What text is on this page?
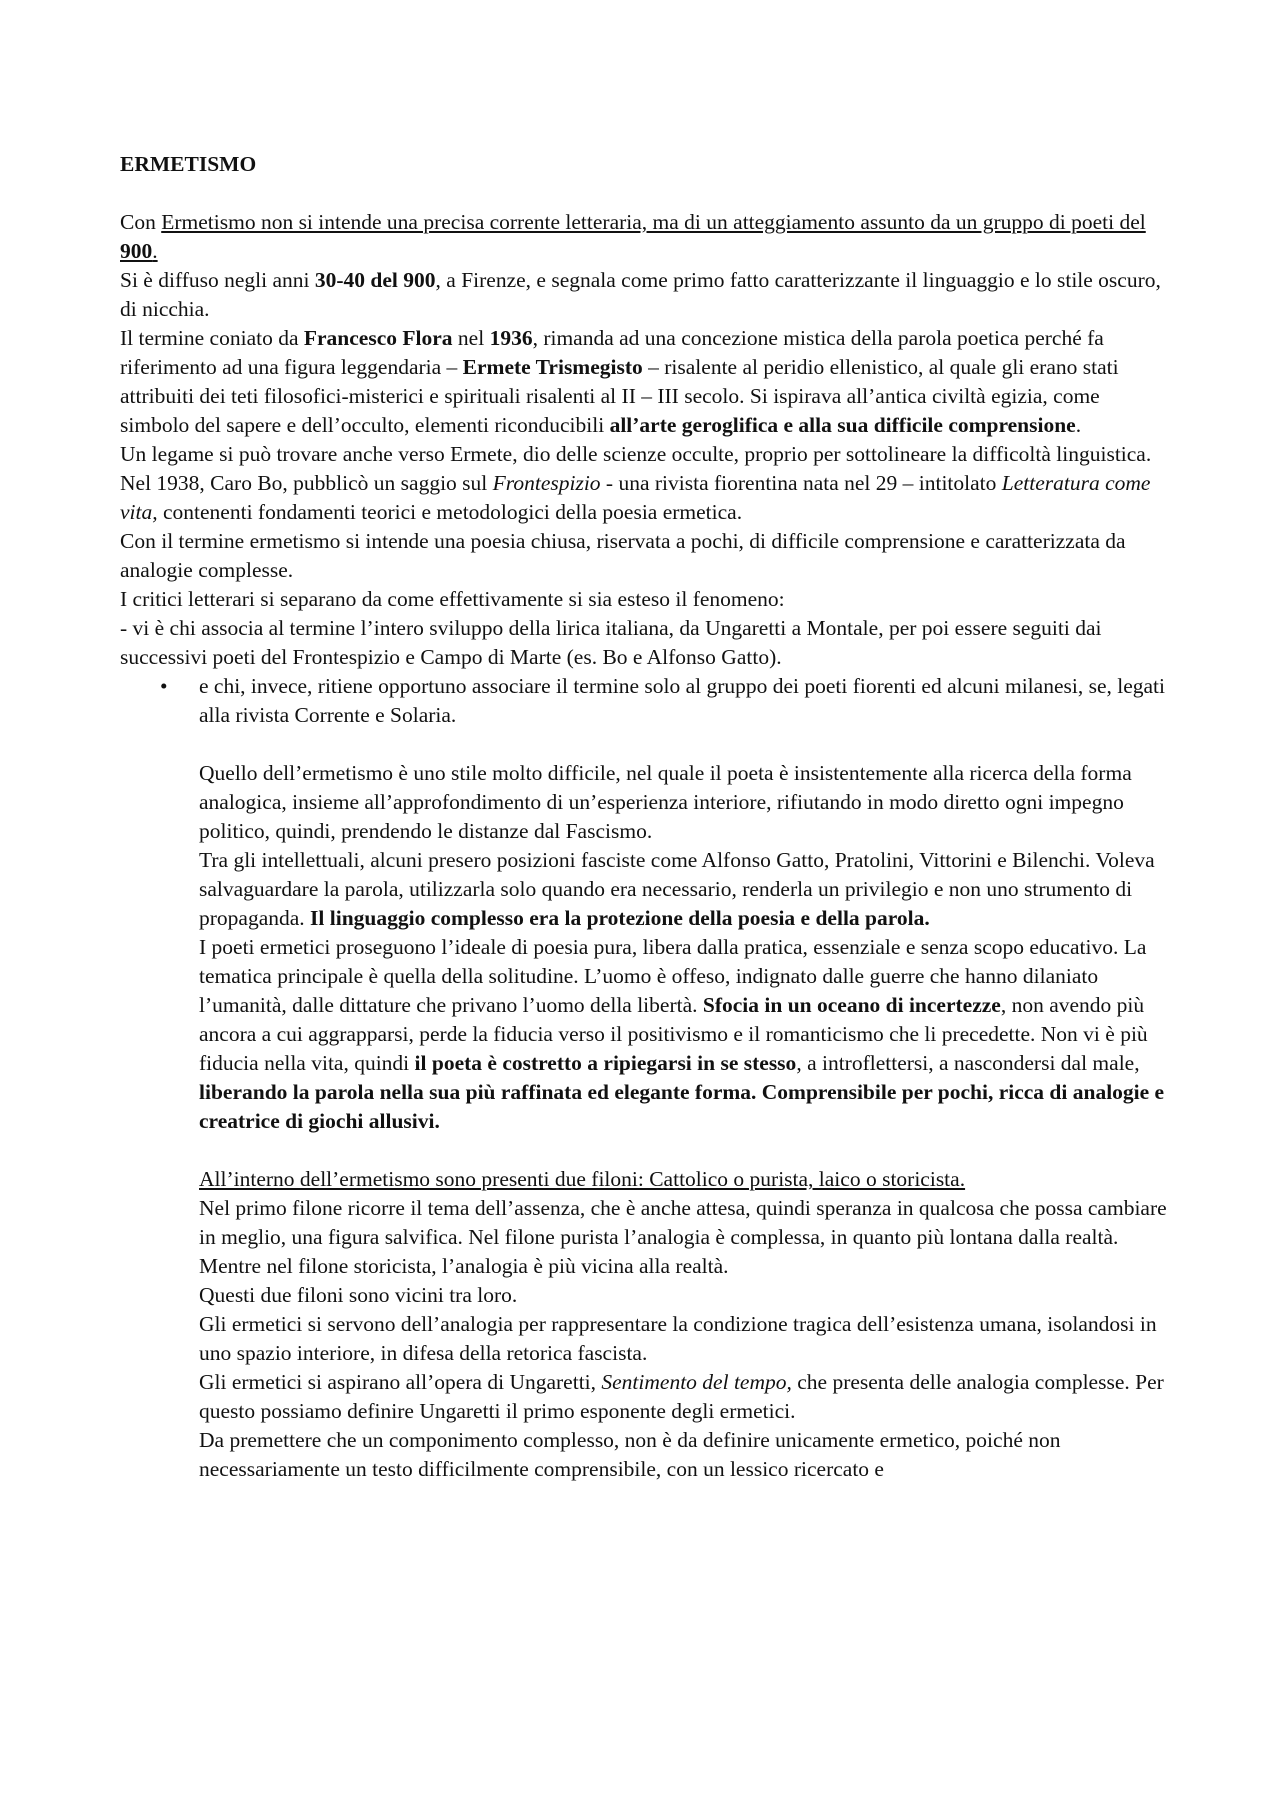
ERMETISMO

Con Ermetismo non si intende una precisa corrente letteraria, ma di un atteggiamento assunto da un gruppo di poeti del 900.

Si è diffuso negli anni 30-40 del 900, a Firenze, e segnala come primo fatto caratterizzante il linguaggio e lo stile oscuro, di nicchia.

Il termine coniato da Francesco Flora nel 1936, rimanda ad una concezione mistica della parola poetica perché fa riferimento ad una figura leggendaria – Ermete Trismegisto – risalente al peridio ellenistico, al quale gli erano stati attribuiti dei teti filosofici-misterici e spirituali risalenti al II – III secolo. Si ispirava all’antica civiltà egizia, come simbolo del sapere e dell’occulto, elementi riconducibili all’arte geroglifica e alla sua difficile comprensione.

Un legame si può trovare anche verso Ermete, dio delle scienze occulte, proprio per sottolineare la difficoltà linguistica.

Nel 1938, Caro Bo, pubblicò un saggio sul Frontespizio - una rivista fiorentina nata nel 29 – intitolato Letteratura come vita, contenenti fondamenti teorici e metodologici della poesia ermetica.

Con il termine ermetismo si intende una poesia chiusa, riservata a pochi, di difficile comprensione e caratterizzata da analogie complesse.

I critici letterari si separano da come effettivamente si sia esteso il fenomeno:

- vi è chi associa al termine l’intero sviluppo della lirica italiana, da Ungaretti a Montale, per poi essere seguiti dai successivi poeti del Frontespizio e Campo di Marte (es. Bo e Alfonso Gatto).

• e chi, invece, ritiene opportuno associare il termine solo al gruppo dei poeti fiorenti ed alcuni milanesi, se, legati alla rivista Corrente e Solaria.

Quello dell’ermetismo è uno stile molto difficile, nel quale il poeta è insistentemente alla ricerca della forma analogica, insieme all’approfondimento di un’esperienza interiore, rifiutando in modo diretto ogni impegno politico, quindi, prendendo le distanze dal Fascismo.

Tra gli intellettuali, alcuni presero posizioni fasciste come Alfonso Gatto, Pratolini, Vittorini e Bilenchi. Voleva salvaguardare la parola, utilizzarla solo quando era necessario, renderla un privilegio e non uno strumento di propaganda. Il linguaggio complesso era la protezione della poesia e della parola.

I poeti ermetici proseguono l’ideale di poesia pura, libera dalla pratica, essenziale e senza scopo educativo. La tematica principale è quella della solitudine. L’uomo è offeso, indignato dalle guerre che hanno dilaniato l’umanità, dalle dittature che privano l’uomo della libertà. Sfocia in un oceano di incertezze, non avendo più ancora a cui aggrapparsi, perde la fiducia verso il positivismo e il romanticismo che li precedette. Non vi è più fiducia nella vita, quindi il poeta è costretto a ripiegarsi in se stesso, a introflettersi, a nascondersi dal male, liberando la parola nella sua più raffinata ed elegante forma. Comprensibile per pochi, ricca di analogie e creatrice di giochi allusivi.

All’interno dell’ermetismo sono presenti due filoni: Cattolico o purista, laico o storicista.

Nel primo filone ricorre il tema dell’assenza, che è anche attesa, quindi speranza in qualcosa che possa cambiare in meglio, una figura salvifica. Nel filone purista l’analogia è complessa, in quanto più lontana dalla realtà. Mentre nel filone storicista, l’analogia è più vicina alla realtà.

Questi due filoni sono vicini tra loro.

Gli ermetici si servono dell’analogia per rappresentare la condizione tragica dell’esistenza umana, isolandosi in uno spazio interiore, in difesa della retorica fascista.

Gli ermetici si aspirano all’opera di Ungaretti, Sentimento del tempo, che presenta delle analogia complesse. Per questo possiamo definire Ungaretti il primo esponente degli ermetici.

Da premettere che un componimento complesso, non è da definire unicamente ermetico, poiché non necessariamente un testo difficilmente comprensibile, con un lessico ricercato e
